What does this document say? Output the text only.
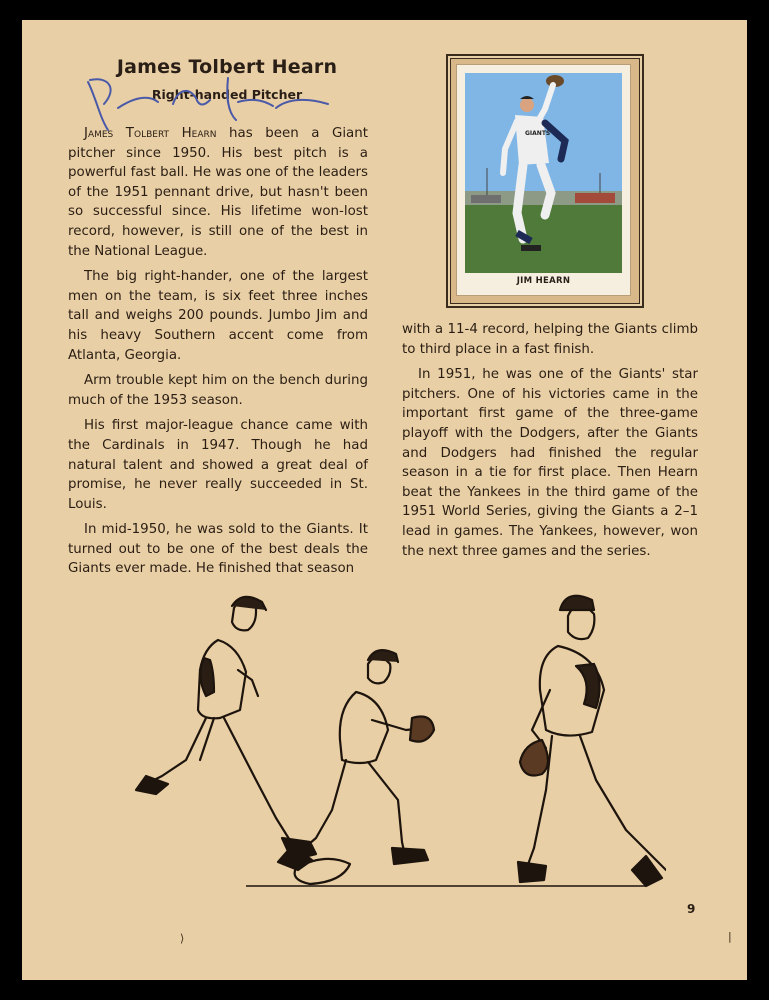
James Tolbert Hearn
Right-handed Pitcher

James Tolbert Hearn has been a Giant pitcher since 1950. His best pitch is a powerful fast ball. He was one of the leaders of the 1951 pennant drive, but hasn't been so successful since. His lifetime won-lost record, however, is still one of the best in the National League.

The big right-hander, one of the largest men on the team, is six feet three inches tall and weighs 200 pounds. Jumbo Jim and his heavy Southern accent come from Atlanta, Georgia.

Arm trouble kept him on the bench during much of the 1953 season.

His first major-league chance came with the Cardinals in 1947. Though he had natural talent and showed a great deal of promise, he never really succeeded in St. Louis.

In mid-1950, he was sold to the Giants. It turned out to be one of the best deals the Giants ever made. He finished that season

with a 11-4 record, helping the Giants climb to third place in a fast finish.

In 1951, he was one of the Giants' star pitchers. One of his victories came in the important first game of the three-game playoff with the Dodgers, after the Giants and Dodgers had finished the regular season in a tie for first place. Then Hearn beat the Yankees in the third game of the 1951 World Series, giving the Giants a 2–1 lead in games. The Yankees, however, won the next three games and the series.

GIANTS
JIM HEARN
9
⟩	|
